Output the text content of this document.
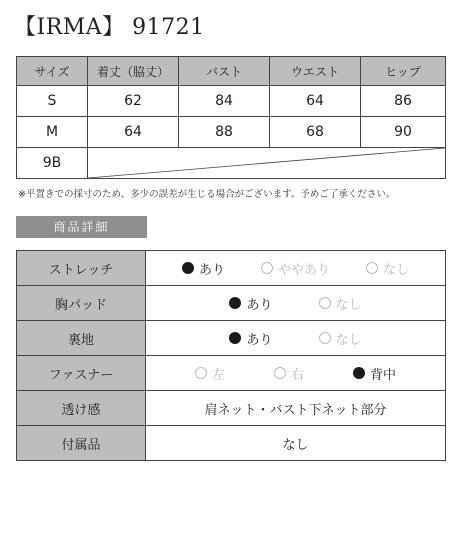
【IRMA】 91721
サイズ	着丈（脇丈）	バスト	ウエスト	ヒップ
S	62	84	64	86
M	64	88	68	90
9B	
※平置きでの採寸のため、多少の誤差が生じる場合がございます。予めご了承ください。
商品詳細
ストレッチ	あり ややあり なし

胸パッド	あり なし

裏地	あり なし

ファスナー	左 右 背中

透け感	肩ネット・バスト下ネット部分
付属品	なし
